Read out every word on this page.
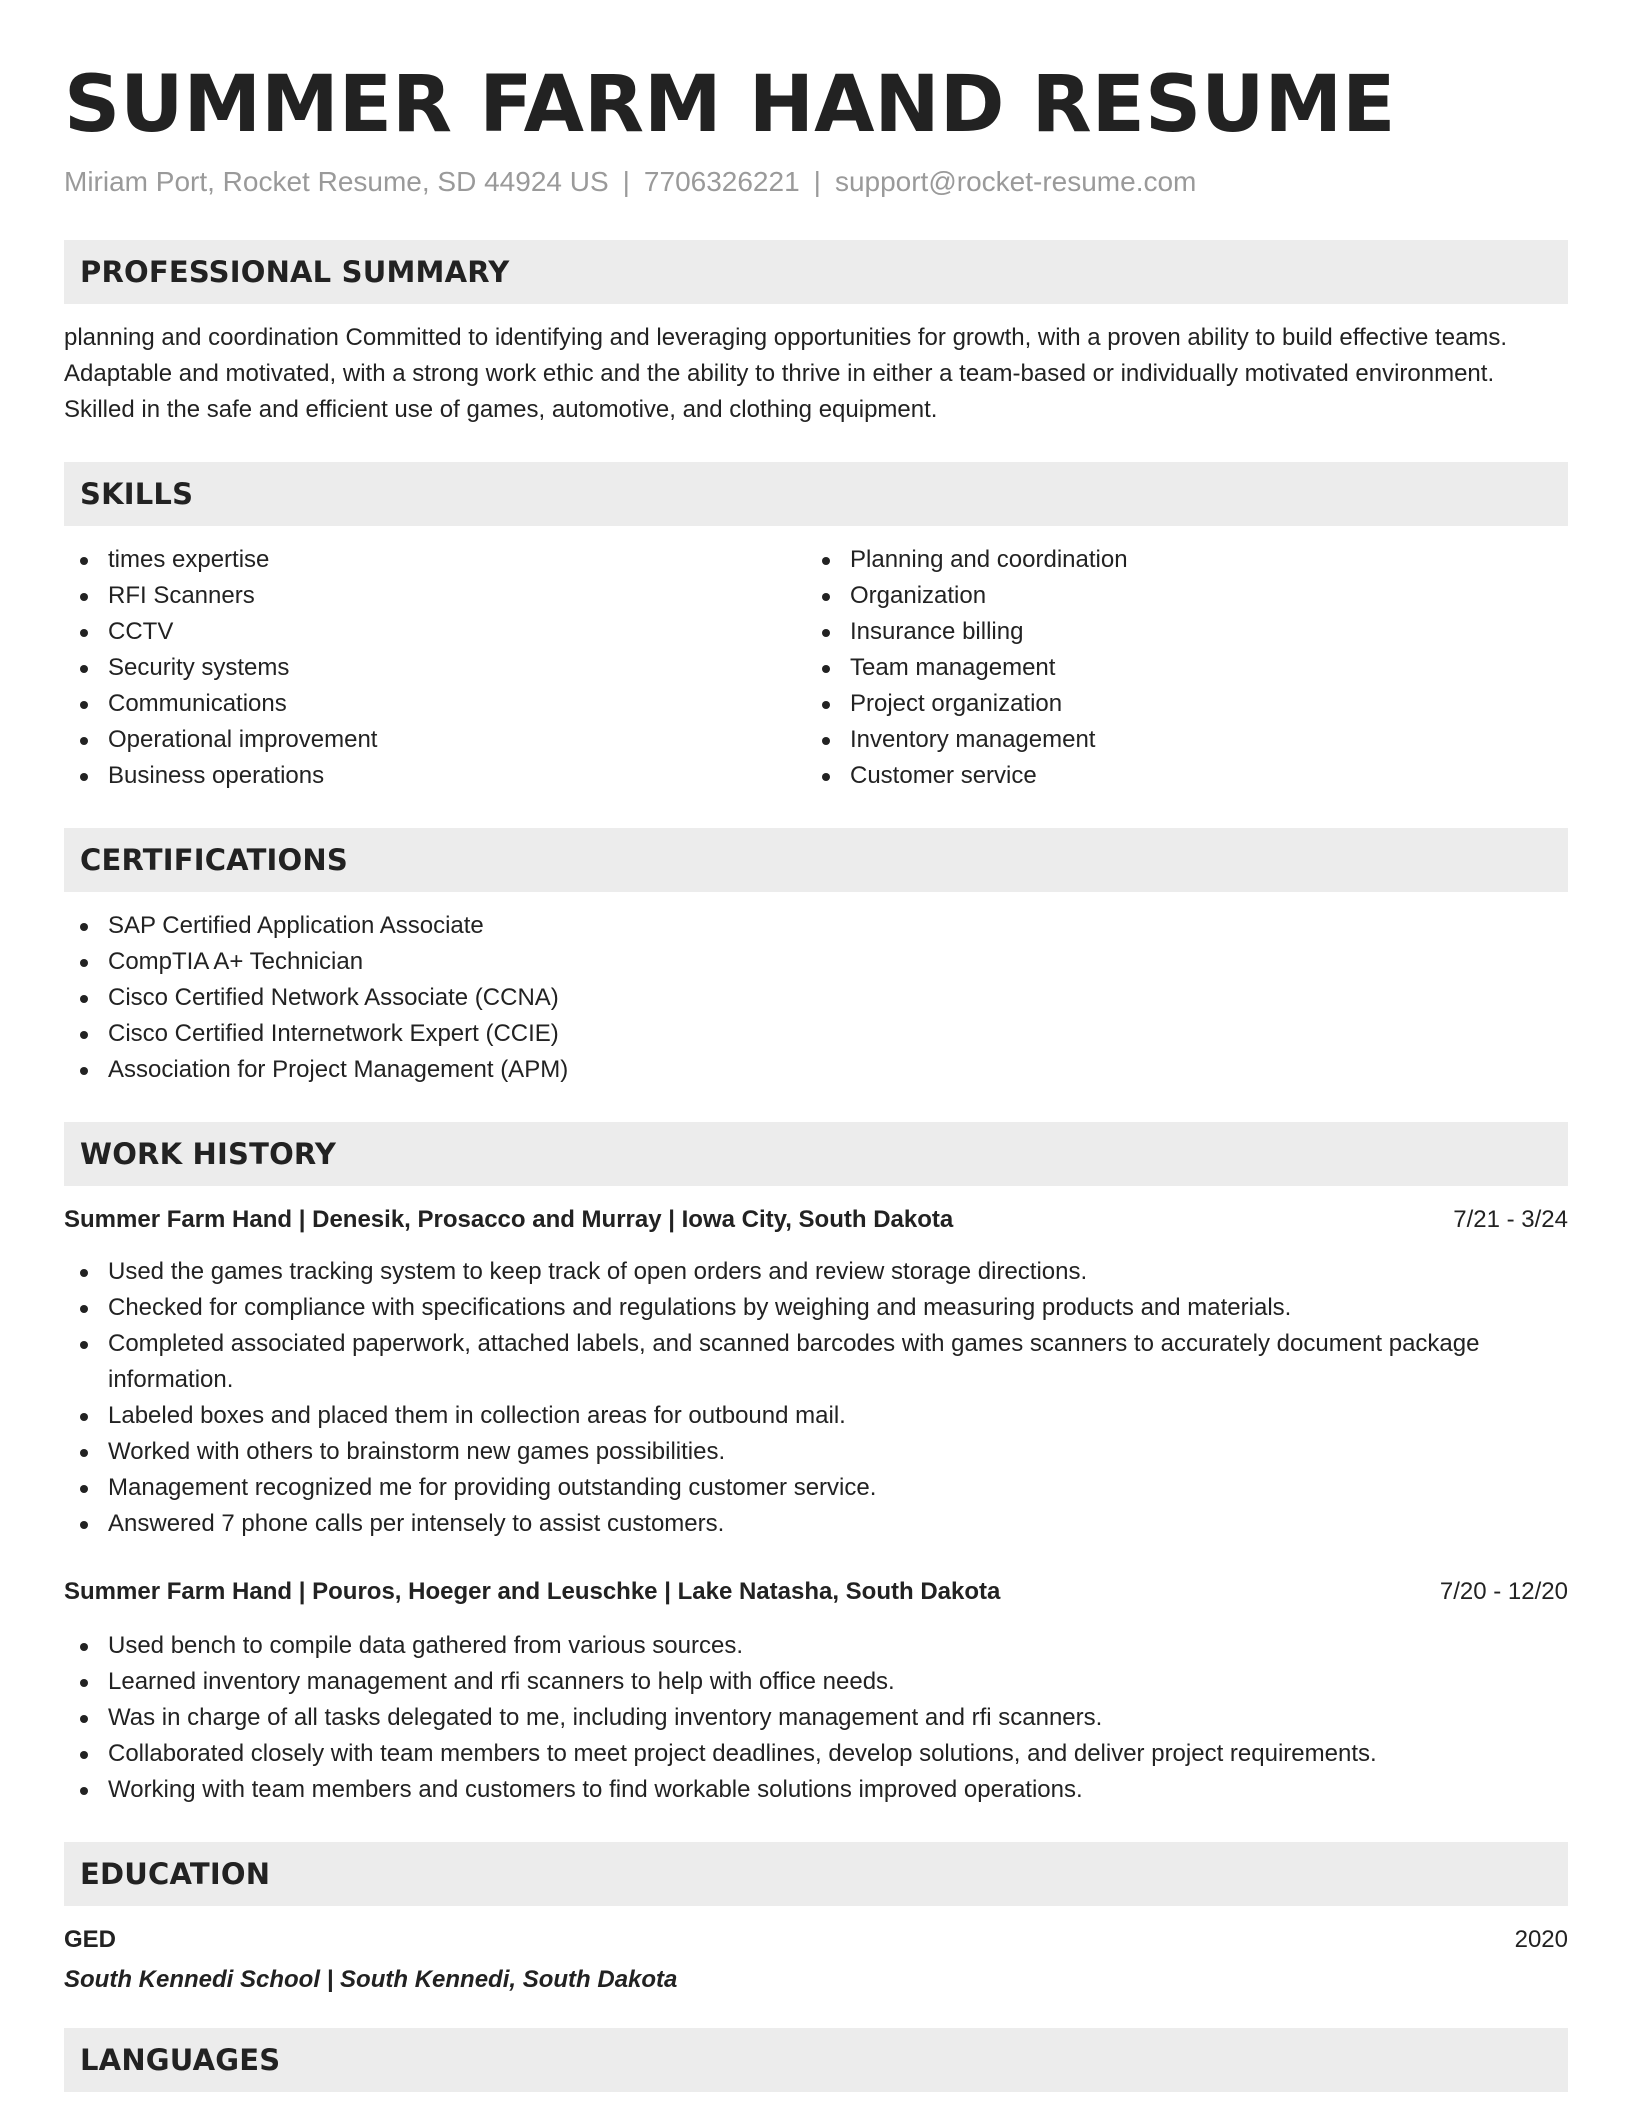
SUMMER FARM HAND RESUME
Miriam Port, Rocket Resume, SD 44924 US | 7706326221 | support@rocket-resume.com
PROFESSIONAL SUMMARY

planning and coordination Committed to identifying and leveraging opportunities for growth, with a proven ability to build effective teams. Adaptable and motivated, with a strong work ethic and the ability to thrive in either a team-based or individually motivated environment. Skilled in the safe and efficient use of games, automotive, and clothing equipment.

SKILLS
times expertise
RFI Scanners
CCTV
Security systems
Communications
Operational improvement
Business operations
Planning and coordination
Organization
Insurance billing
Team management
Project organization
Inventory management
Customer service
CERTIFICATIONS
SAP Certified Application Associate
CompTIA A+ Technician
Cisco Certified Network Associate (CCNA)
Cisco Certified Internetwork Expert (CCIE)
Association for Project Management (APM)
WORK HISTORY
Summer Farm Hand | Denesik, Prosacco and Murray | Iowa City, South Dakota	7/21 - 3/24
Used the games tracking system to keep track of open orders and review storage directions.
Checked for compliance with specifications and regulations by weighing and measuring products and materials.
Completed associated paperwork, attached labels, and scanned barcodes with games scanners to accurately document package information.
Labeled boxes and placed them in collection areas for outbound mail.
Worked with others to brainstorm new games possibilities.
Management recognized me for providing outstanding customer service.
Answered 7 phone calls per intensely to assist customers.
Summer Farm Hand | Pouros, Hoeger and Leuschke | Lake Natasha, South Dakota	7/20 - 12/20
Used bench to compile data gathered from various sources.
Learned inventory management and rfi scanners to help with office needs.
Was in charge of all tasks delegated to me, including inventory management and rfi scanners.
Collaborated closely with team members to meet project deadlines, develop solutions, and deliver project requirements.
Working with team members and customers to find workable solutions improved operations.
EDUCATION
GED	2020
South Kennedi School | South Kennedi, South Dakota
LANGUAGES
